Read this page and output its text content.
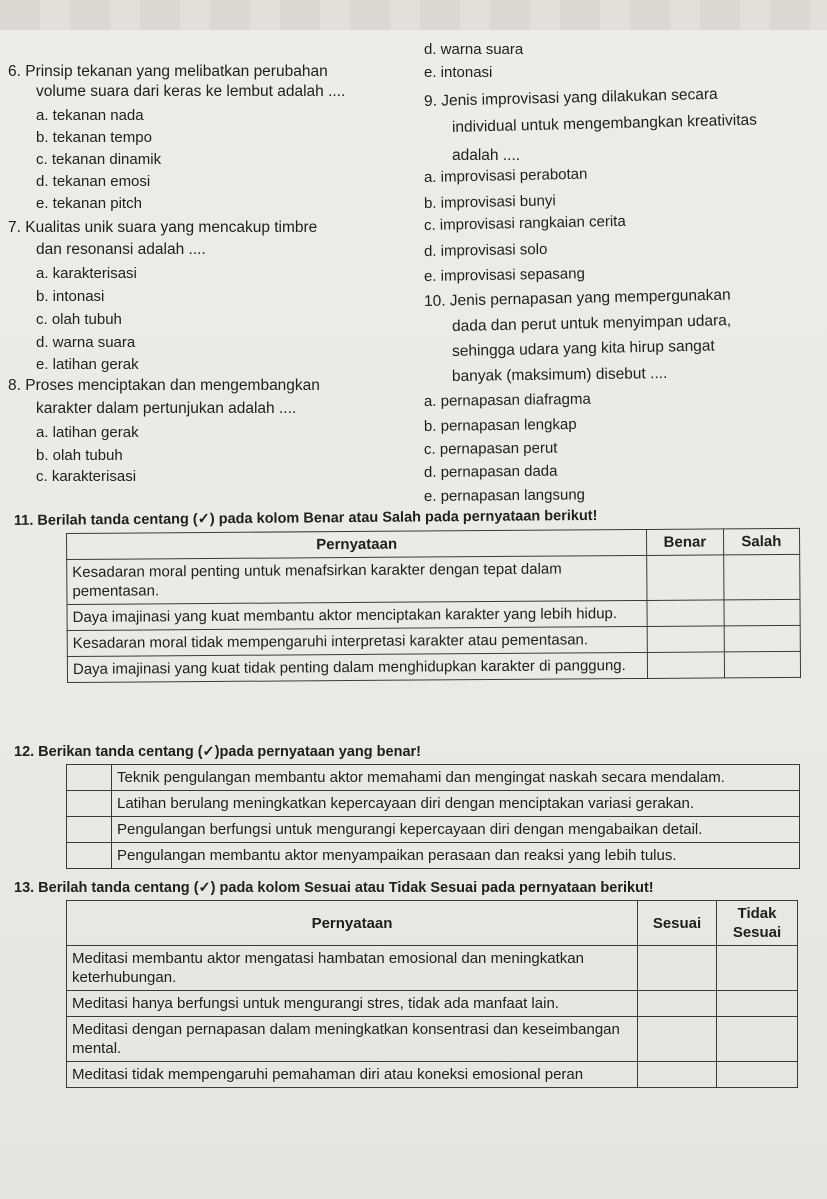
6. Prinsip tekanan yang melibatkan perubahan
volume suara dari keras ke lembut adalah ....
a. tekanan nada
b. tekanan tempo
c. tekanan dinamik
d. tekanan emosi
e. tekanan pitch
7. Kualitas unik suara yang mencakup timbre
dan resonansi adalah ....
a. karakterisasi
b. intonasi
c. olah tubuh
d. warna suara
e. latihan gerak
8. Proses menciptakan dan mengembangkan
karakter dalam pertunjukan adalah ....
a. latihan gerak
b. olah tubuh
c. karakterisasi
d. warna suara
e. intonasi
9. Jenis improvisasi yang dilakukan secara
individual untuk mengembangkan kreativitas
adalah ....
a. improvisasi perabotan
b. improvisasi bunyi
c. improvisasi rangkaian cerita
d. improvisasi solo
e. improvisasi sepasang
10. Jenis pernapasan yang mempergunakan
dada dan perut untuk menyimpan udara,
sehingga udara yang kita hirup sangat
banyak (maksimum) disebut ....
a. pernapasan diafragma
b. pernapasan lengkap
c. pernapasan perut
d. pernapasan dada
e. pernapasan langsung
11. Berilah tanda centang (✓) pada kolom Benar atau Salah pada pernyataan berikut!
Pernyataan	Benar	Salah
Kesadaran moral penting untuk menafsirkan karakter dengan tepat dalam pementasan.		
Daya imajinasi yang kuat membantu aktor menciptakan karakter yang lebih hidup.		
Kesadaran moral tidak mempengaruhi interpretasi karakter atau pementasan.		
Daya imajinasi yang kuat tidak penting dalam menghidupkan karakter di panggung.		
12. Berikan tanda centang (✓)pada pernyataan yang benar!
	Teknik pengulangan membantu aktor memahami dan mengingat naskah secara mendalam.
	Latihan berulang meningkatkan kepercayaan diri dengan menciptakan variasi gerakan.
	Pengulangan berfungsi untuk mengurangi kepercayaan diri dengan mengabaikan detail.
	Pengulangan membantu aktor menyampaikan perasaan dan reaksi yang lebih tulus.
13. Berilah tanda centang (✓) pada kolom Sesuai atau Tidak Sesuai pada pernyataan berikut!
Pernyataan	Sesuai	Tidak Sesuai
Meditasi membantu aktor mengatasi hambatan emosional dan meningkatkan keterhubungan.		
Meditasi hanya berfungsi untuk mengurangi stres, tidak ada manfaat lain.		
Meditasi dengan pernapasan dalam meningkatkan konsentrasi dan keseimbangan mental.		
Meditasi tidak mempengaruhi pemahaman diri atau koneksi emosional peran		
